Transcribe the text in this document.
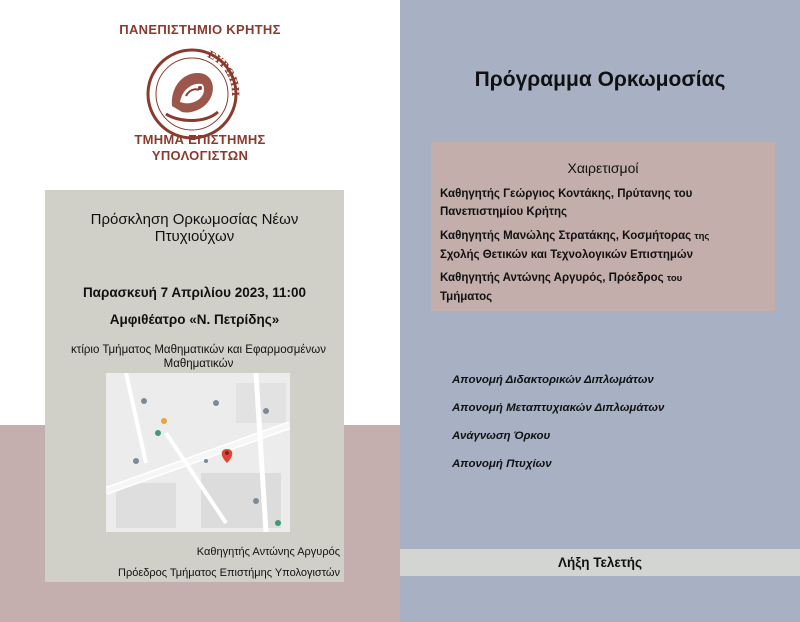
ΠΑΝΕΠΙΣΤΗΜΙΟ ΚΡΗΤΗΣ
ΕΥΡΩΠΗ
ΤΜΗΜΑ ΕΠΙΣΤΗΜΗΣ
ΥΠΟΛΟΓΙΣΤΩΝ
Πρόσκληση Ορκωμοσίας Νέων
Πτυχιούχων
Παρασκευή 7 Απριλίου 2023, 11:00
Αμφιθέατρο «Ν. Πετρίδης»
κτίριο Τμήματος Μαθηματικών και Εφαρμοσμένων
Μαθηματικών
Καθηγητής Αντώνης Αργυρός
Πρόεδρος Τμήματος Επιστήμης Υπολογιστών
Πρόγραμμα Ορκωμοσίας
Χαιρετισμοί
Καθηγητής Γεώργιος Κοντάκης, Πρύτανης του
Πανεπιστημίου Κρήτης
Καθηγητής Μανώλης Στρατάκης, Κοσμήτορας της
Σχολής Θετικών και Τεχνολογικών Επιστημών
Καθηγητής Αντώνης Αργυρός, Πρόεδρος του
Τμήματος
Απονομή Διδακτορικών Διπλωμάτων
Απονομή Μεταπτυχιακών Διπλωμάτων
Ανάγνωση Όρκου
Απονομή Πτυχίων
Λήξη Τελετής
